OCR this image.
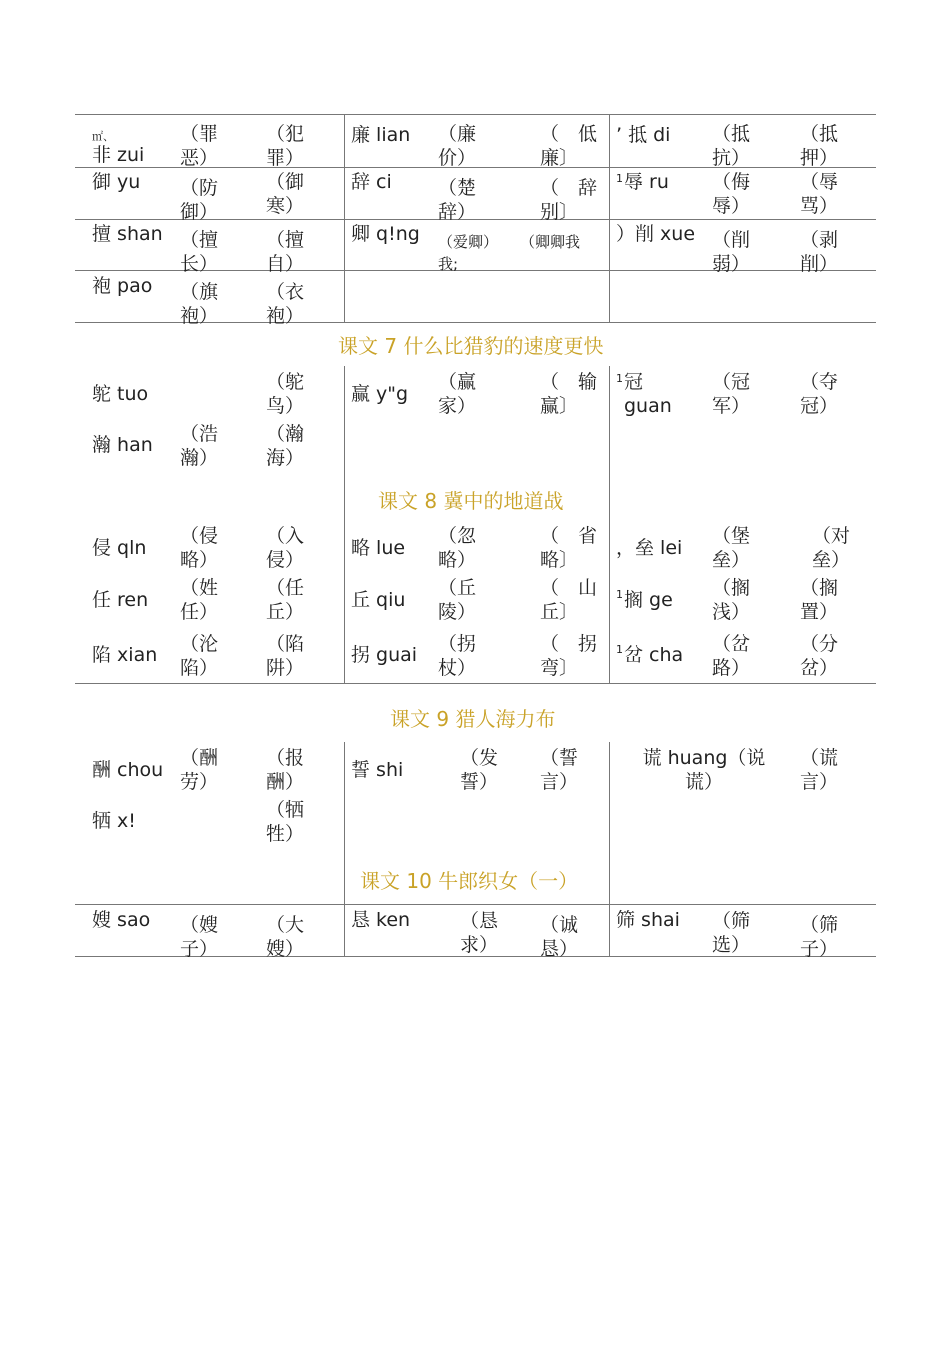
㎡、
非 zui
（罪
恶）
（犯
罪）
廉 lian （廉
价）
（　低
廉〕
’ 抵 di （抵
抗）
（抵
押）
御 yu （防
御）
（御
寒）
辞 ci （楚
辞）
（　辞
别〕
1 辱 ru （侮
辱）
（辱
骂）
擅 shan （擅
长）
（擅
自）
卿 q!ng （爱卿）
我;
（卿卿我 ）削 xue （削
弱）
（剥
削）
袍 pao （旗
袍）
（衣
袍）
课文 7 什么比猎豹的速度更快
鸵 tuo
（鸵
鸟）
瀚 han （浩
瀚）
（瀚
海）
赢 y"g
（赢
家）
（　输
赢〕
1 冠
guan
（冠
军）
（夺
冠）
课文 8 冀中的地道战
侵 qln
（侵
略）
（入
侵）
略 lue
（忽
略）
（　省
略〕
，垒 lei
（堡
垒）
（对
垒）
任 ren
（姓
任）
（任
丘）
丘 qiu
（丘
陵）
（　山
丘〕
1 搁 ge
（搁
浅）
（搁
置）
陷 xian （沦
陷）
（陷
阱）
拐 guai （拐
杖）
（　拐
弯〕
1 岔 cha （岔
路）
（分
岔）
课文 9 猎人海力布
酬 chou
（酬
劳）
（报
酬）
牺 x!	（牺
牲）
誓 shi
（发
誓）
（誓
言）
谎 huang（说
谎）
（谎
言）
课文 10 牛郎织女（一）
嫂 sao （嫂
子）
（大
嫂）
恳 ken	（恳
求）
（诚
恳）
筛 shai （筛
选）
（筛
子）
